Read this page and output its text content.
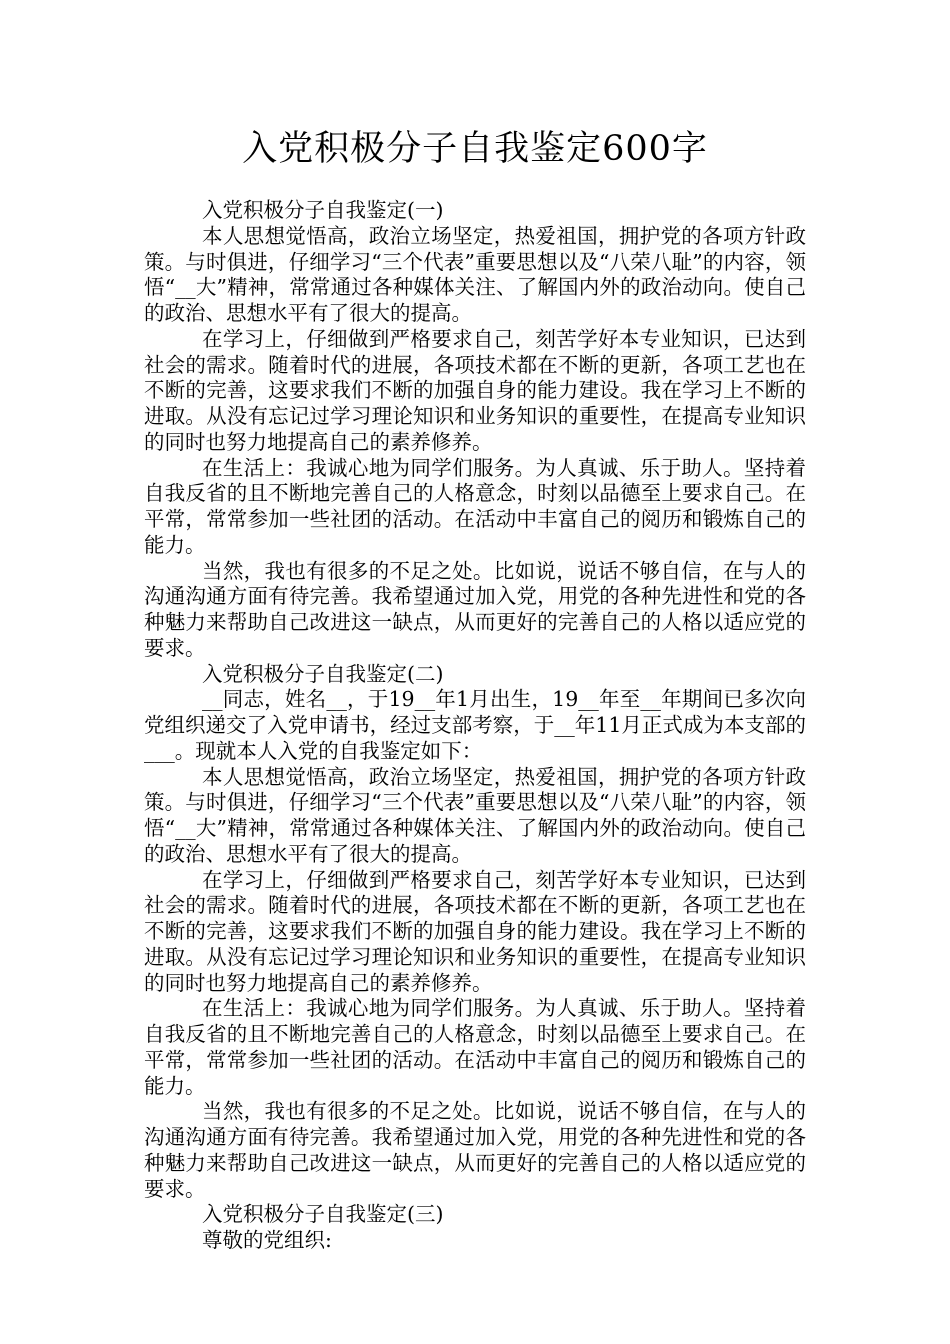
入党积极分子自我鉴定600字

入党积极分子自我鉴定(一)

本人思想觉悟高，政治立场坚定，热爱祖国，拥护党的各项方针政策。与时俱进，仔细学习“三个代表”重要思想以及“八荣八耻”的内容，领悟“__大”精神，常常通过各种媒体关注、了解国内外的政治动向。使自己的政治、思想水平有了很大的提高。

在学习上，仔细做到严格要求自己，刻苦学好本专业知识，已达到社会的需求。随着时代的进展，各项技术都在不断的更新，各项工艺也在不断的完善，这要求我们不断的加强自身的能力建设。我在学习上不断的进取。从没有忘记过学习理论知识和业务知识的重要性，在提高专业知识的同时也努力地提高自己的素养修养。

在生活上：我诚心地为同学们服务。为人真诚、乐于助人。坚持着自我反省的且不断地完善自己的人格意念，时刻以品德至上要求自己。在平常，常常参加一些社团的活动。在活动中丰富自己的阅历和锻炼自己的能力。

当然，我也有很多的不足之处。比如说，说话不够自信，在与人的沟通沟通方面有待完善。我希望通过加入党，用党的各种先进性和党的各种魅力来帮助自己改进这一缺点，从而更好的完善自己的人格以适应党的要求。

入党积极分子自我鉴定(二)

__同志，姓名__，于19__年1月出生，19__年至__年期间已多次向党组织递交了入党申请书，经过支部考察，于__年11月正式成为本支部的___。现就本人入党的自我鉴定如下：

本人思想觉悟高，政治立场坚定，热爱祖国，拥护党的各项方针政策。与时俱进，仔细学习“三个代表”重要思想以及“八荣八耻”的内容，领悟“__大”精神，常常通过各种媒体关注、了解国内外的政治动向。使自己的政治、思想水平有了很大的提高。

在学习上，仔细做到严格要求自己，刻苦学好本专业知识，已达到社会的需求。随着时代的进展，各项技术都在不断的更新，各项工艺也在不断的完善，这要求我们不断的加强自身的能力建设。我在学习上不断的进取。从没有忘记过学习理论知识和业务知识的重要性，在提高专业知识的同时也努力地提高自己的素养修养。

在生活上：我诚心地为同学们服务。为人真诚、乐于助人。坚持着自我反省的且不断地完善自己的人格意念，时刻以品德至上要求自己。在平常，常常参加一些社团的活动。在活动中丰富自己的阅历和锻炼自己的能力。

当然，我也有很多的不足之处。比如说，说话不够自信，在与人的沟通沟通方面有待完善。我希望通过加入党，用党的各种先进性和党的各种魅力来帮助自己改进这一缺点，从而更好的完善自己的人格以适应党的要求。

入党积极分子自我鉴定(三)

尊敬的党组织:
